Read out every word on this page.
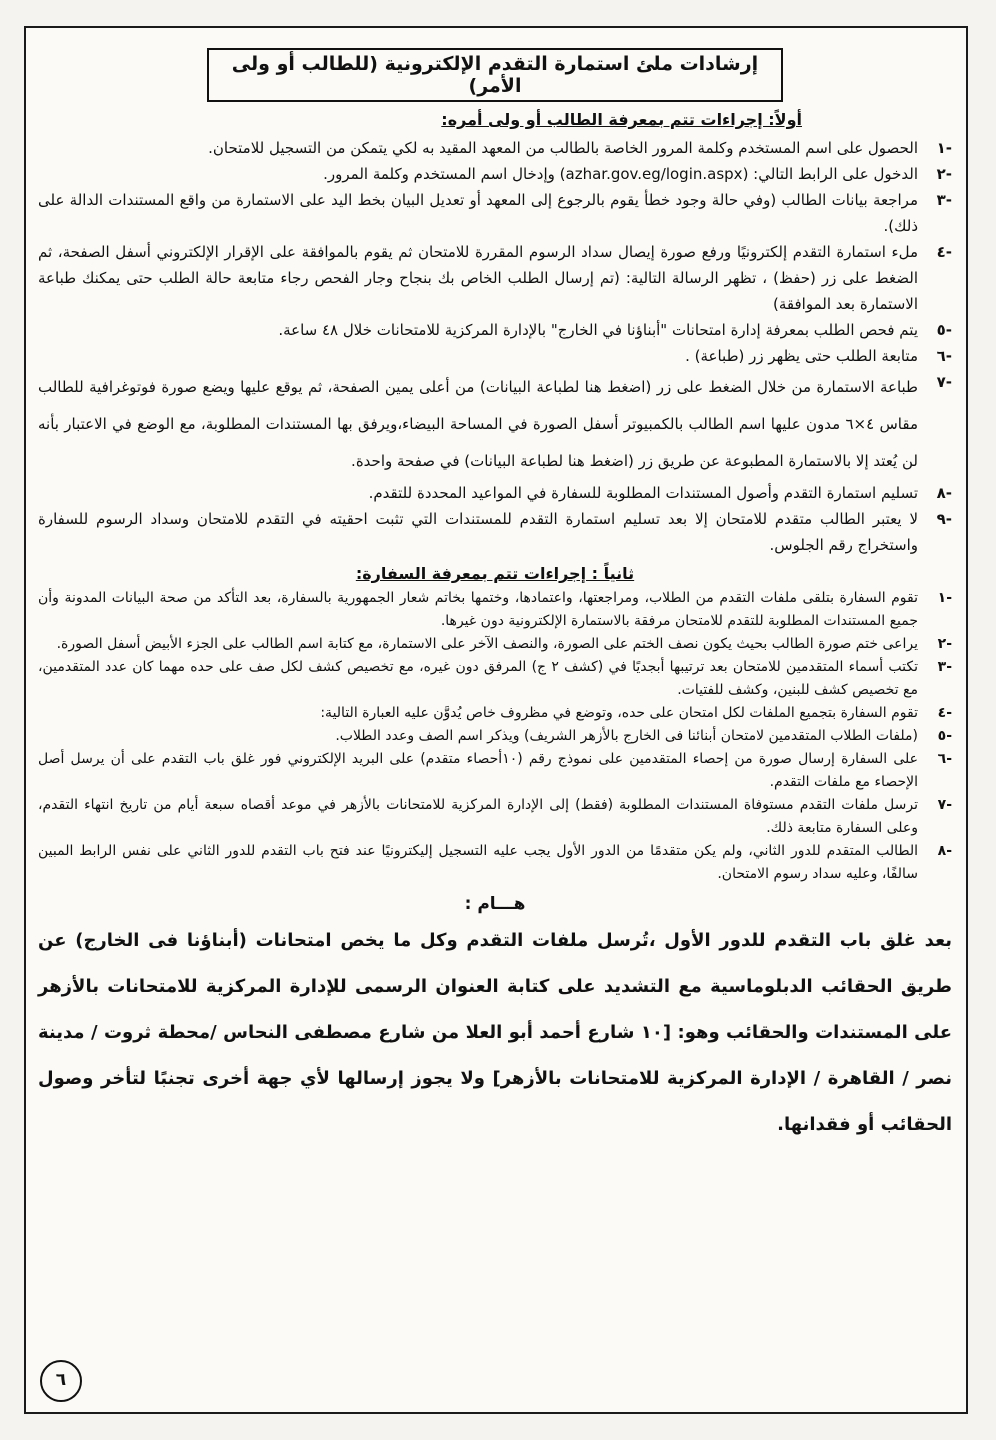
إرشادات ملئ استمارة التقدم الإلكترونية (للطالب أو ولى الأمر)
أولاً: إجراءات تتم بمعرفة الطالب أو ولى أمره:
-١
الحصول على اسم المستخدم وكلمة المرور الخاصة بالطالب من المعهد المقيد به لكي يتمكن من التسجيل للامتحان.
-٢
الدخول على الرابط التالي: (azhar.gov.eg/login.aspx) وإدخال اسم المستخدم وكلمة المرور.
-٣
مراجعة بيانات الطالب (وفي حالة وجود خطأ يقوم بالرجوع إلى المعهد أو تعديل البيان بخط اليد على الاستمارة من واقع المستندات الدالة على ذلك).
-٤
ملء استمارة التقدم إلكترونيًا ورفع صورة إيصال سداد الرسوم المقررة للامتحان ثم يقوم بالموافقة على الإقرار الإلكتروني أسفل الصفحة، ثم الضغط على زر (حفظ) ، تظهر الرسالة التالية: (تم إرسال الطلب الخاص بك بنجاح وجار الفحص رجاء متابعة حالة الطلب حتى يمكنك طباعة الاستمارة بعد الموافقة)
-٥
يتم فحص الطلب بمعرفة إدارة امتحانات "أبناؤنا في الخارج" بالإدارة المركزية للامتحانات خلال ٤٨ ساعة.
-٦
متابعة الطلب حتى يظهر زر (طباعة) .
-٧
طباعة الاستمارة من خلال الضغط على زر (اضغط هنا لطباعة البيانات) من أعلى يمين الصفحة، ثم يوقع عليها ويضع صورة فوتوغرافية للطالب مقاس ٤×٦ مدون عليها اسم الطالب بالكمبيوتر أسفل الصورة في المساحة البيضاء،ويرفق بها المستندات المطلوبة، مع الوضع في الاعتبار بأنه لن يُعتد إلا بالاستمارة المطبوعة عن طريق زر (اضغط هنا لطباعة البيانات) في صفحة واحدة.
-٨
تسليم استمارة التقدم وأصول المستندات المطلوبة للسفارة في المواعيد المحددة للتقدم.
-٩
لا يعتبر الطالب متقدم للامتحان إلا بعد تسليم استمارة التقدم للمستندات التي تثبت احقيته في التقدم للامتحان وسداد الرسوم للسفارة واستخراج رقم الجلوس.
ثانياً : إجراءات تتم بمعرفة السفارة:
-١
تقوم السفارة بتلقى ملفات التقدم من الطلاب، ومراجعتها، واعتمادها، وختمها بخاتم شعار الجمهورية بالسفارة، بعد التأكد من صحة البيانات المدونة وأن جميع المستندات المطلوبة للتقدم للامتحان مرفقة بالاستمارة الإلكترونية دون غيرها.
-٢
يراعى ختم صورة الطالب بحيث يكون نصف الختم على الصورة، والنصف الآخر على الاستمارة، مع كتابة اسم الطالب على الجزء الأبيض أسفل الصورة.
-٣
تكتب أسماء المتقدمين للامتحان بعد ترتيبها أبجديًا في (كشف ٢ ج) المرفق دون غيره، مع تخصيص كشف لكل صف على حده مهما كان عدد المتقدمين، مع تخصيص كشف للبنين، وكشف للفتيات.
-٤
تقوم السفارة بتجميع الملفات لكل امتحان على حده، وتوضع في مظروف خاص يُدوَّن عليه العبارة التالية:
-٥
(ملفات الطلاب المتقدمين لامتحان أبنائنا فى الخارج بالأزهر الشريف) ويذكر اسم الصف وعدد الطلاب.
-٦
على السفارة إرسال صورة من إحصاء المتقدمين على نموذج رقم (١٠أحصاء متقدم) على البريد الإلكتروني فور غلق باب التقدم على أن يرسل أصل الإحصاء مع ملفات التقدم.
-٧
ترسل ملفات التقدم مستوفاة المستندات المطلوبة (فقط) إلى الإدارة المركزية للامتحانات بالأزهر في موعد أقصاه سبعة أيام من تاريخ انتهاء التقدم، وعلى السفارة متابعة ذلك.
-٨
الطالب المتقدم للدور الثاني، ولم يكن متقدمًا من الدور الأول يجب عليه التسجيل إليكترونيًا عند فتح باب التقدم للدور الثاني على نفس الرابط المبين سالفًا، وعليه سداد رسوم الامتحان.
هـــام :
بعد غلق باب التقدم للدور الأول ،تُرسل ملفات التقدم وكل ما يخص امتحانات (أبناؤنا فى الخارج) عن طريق الحقائب الدبلوماسية مع التشديد على كتابة العنوان الرسمى للإدارة المركزية للامتحانات بالأزهر على المستندات والحقائب وهو: [١٠ شارع أحمد أبو العلا من شارع مصطفى النحاس /محطة ثروت / مدينة نصر / القاهرة / الإدارة المركزية للامتحانات بالأزهر] ولا يجوز إرسالها لأي جهة أخرى تجنبًا لتأخر وصول الحقائب أو فقدانها.
٦
